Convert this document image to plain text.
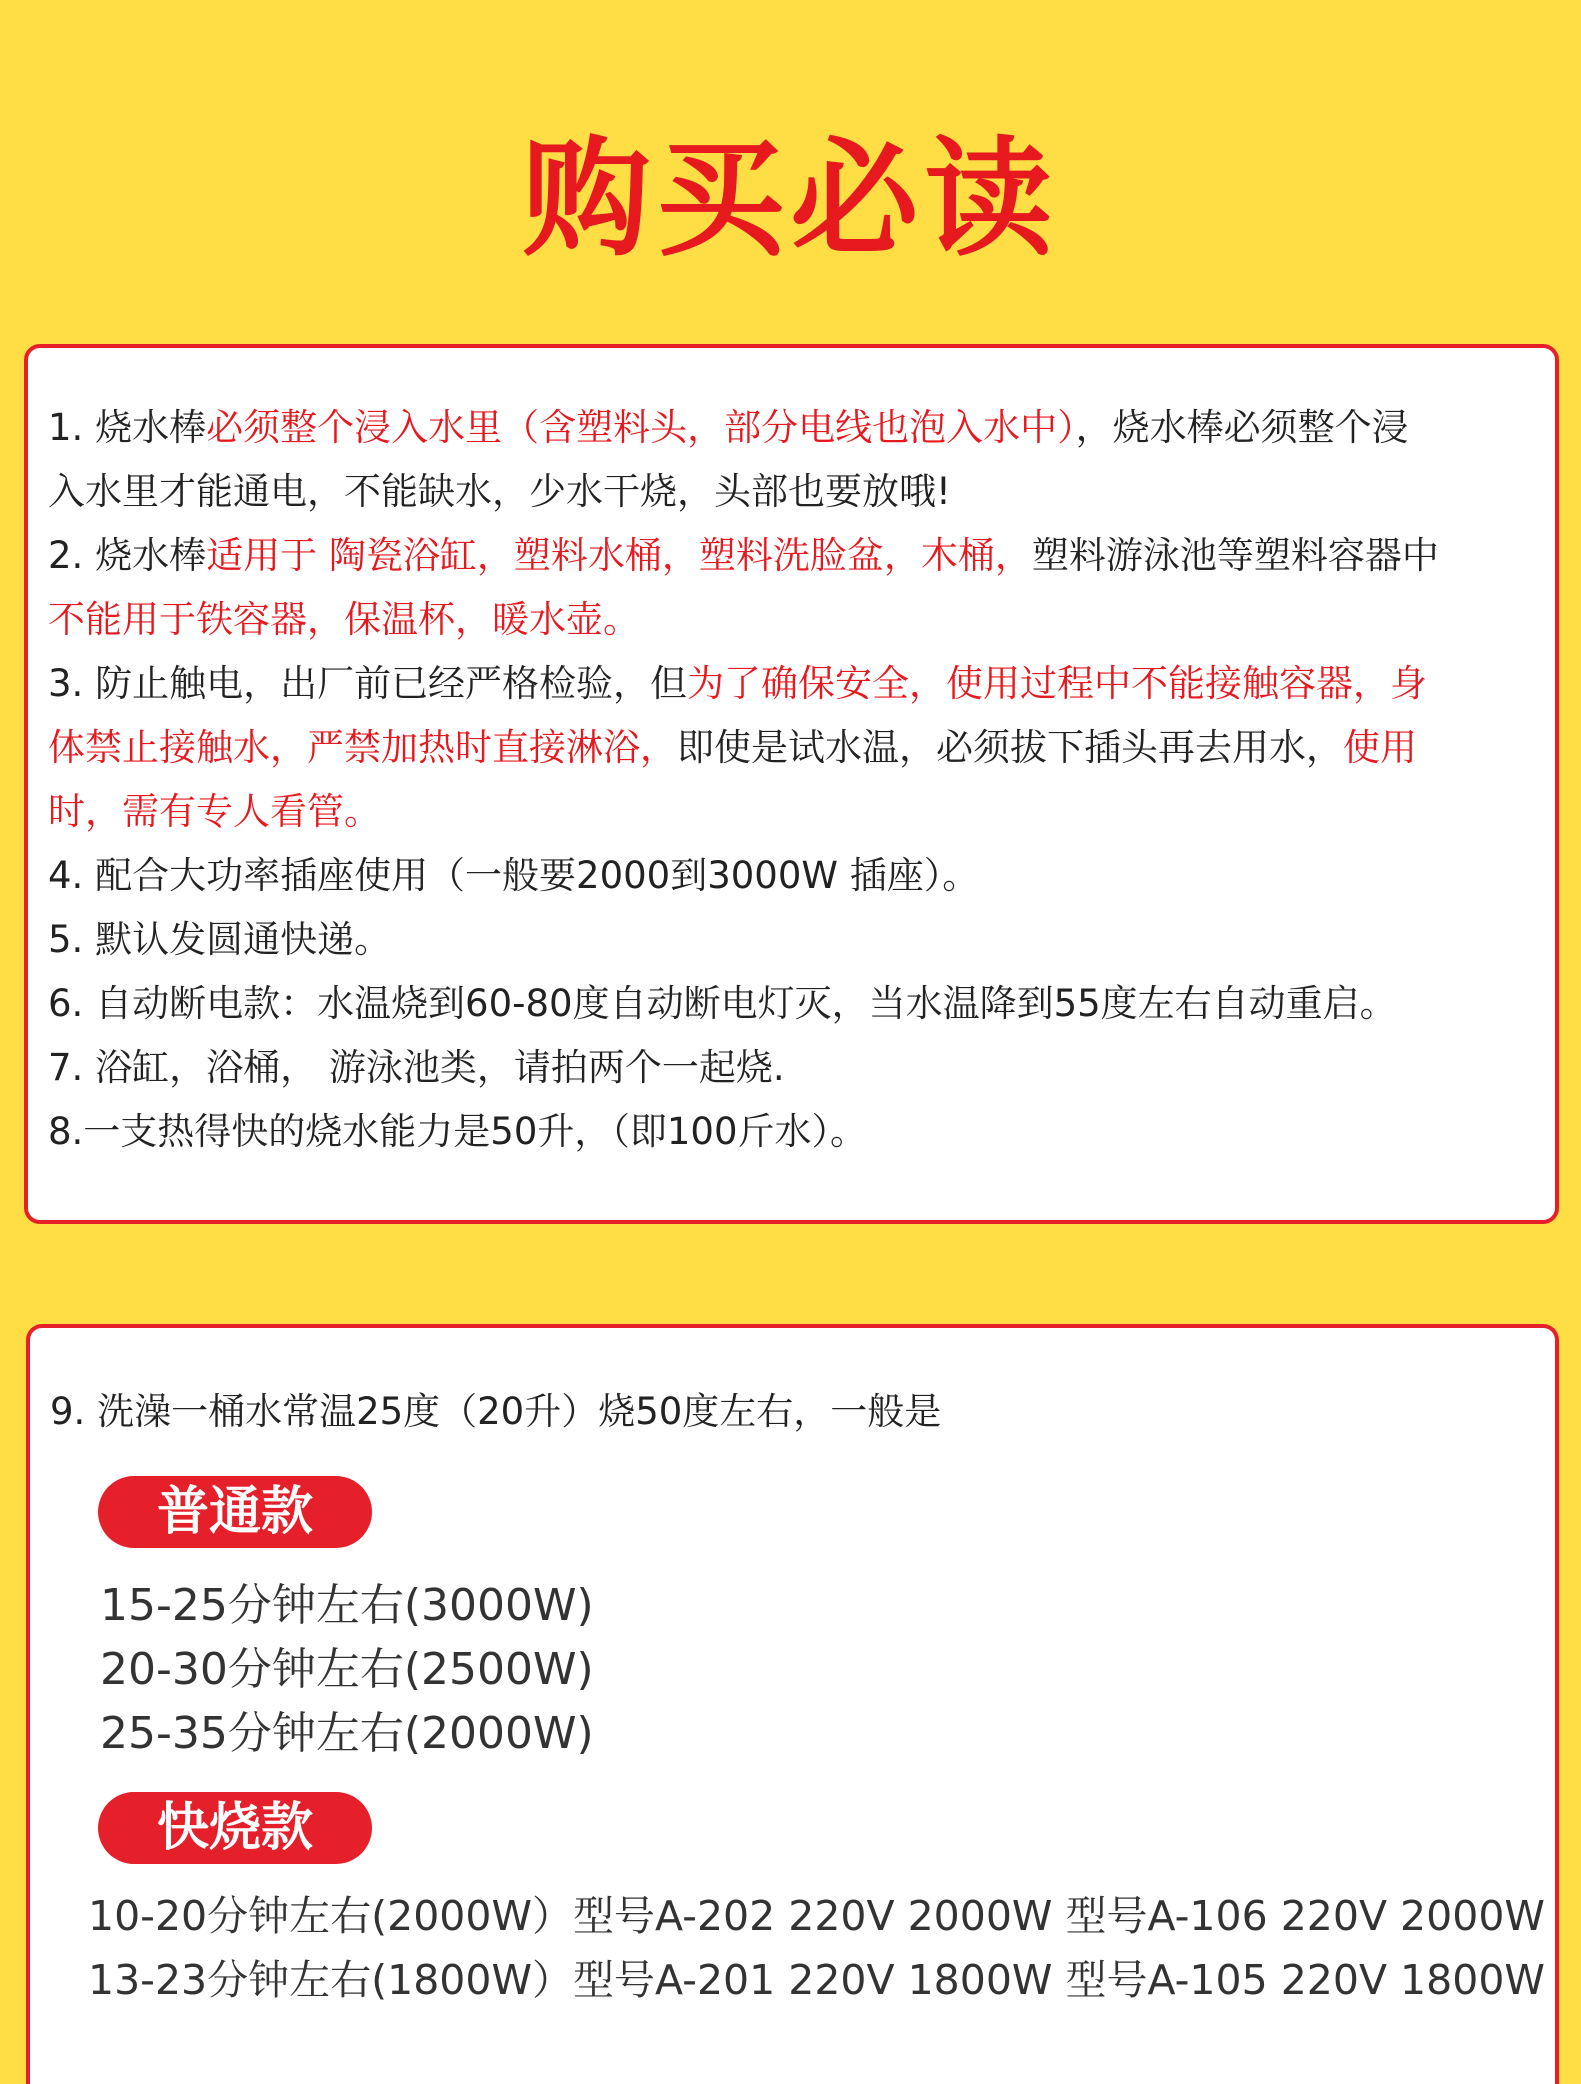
购买必读
1. 烧水棒必须整个浸入水里（含塑料头，部分电线也泡入水中），烧水棒必须整个浸
入水里才能通电，不能缺水，少水干烧，头部也要放哦!
2. 烧水棒适用于 陶瓷浴缸，塑料水桶，塑料洗脸盆，木桶，塑料游泳池等塑料容器中
不能用于铁容器，保温杯，暖水壶。
3. 防止触电，出厂前已经严格检验，但为了确保安全，使用过程中不能接触容器，身
体禁止接触水，严禁加热时直接淋浴，即使是试水温，必须拔下插头再去用水，使用
时，需有专人看管。
4. 配合大功率插座使用（一般要2000到3000W 插座）。
5. 默认发圆通快递。
6. 自动断电款：水温烧到60-80度自动断电灯灭，当水温降到55度左右自动重启。
7. 浴缸，浴桶， 游泳池类，请拍两个一起烧.
8.一支热得快的烧水能力是50升，（即100斤水）。
9. 洗澡一桶水常温25度（20升）烧50度左右，一般是
普通款
15-25分钟左右(3000W)
20-30分钟左右(2500W)
25-35分钟左右(2000W)
快烧款
10-20分钟左右(2000W）型号A-202 220V 2000W 型号A-106 220V 2000W
13-23分钟左右(1800W）型号A-201 220V 1800W 型号A-105 220V 1800W
